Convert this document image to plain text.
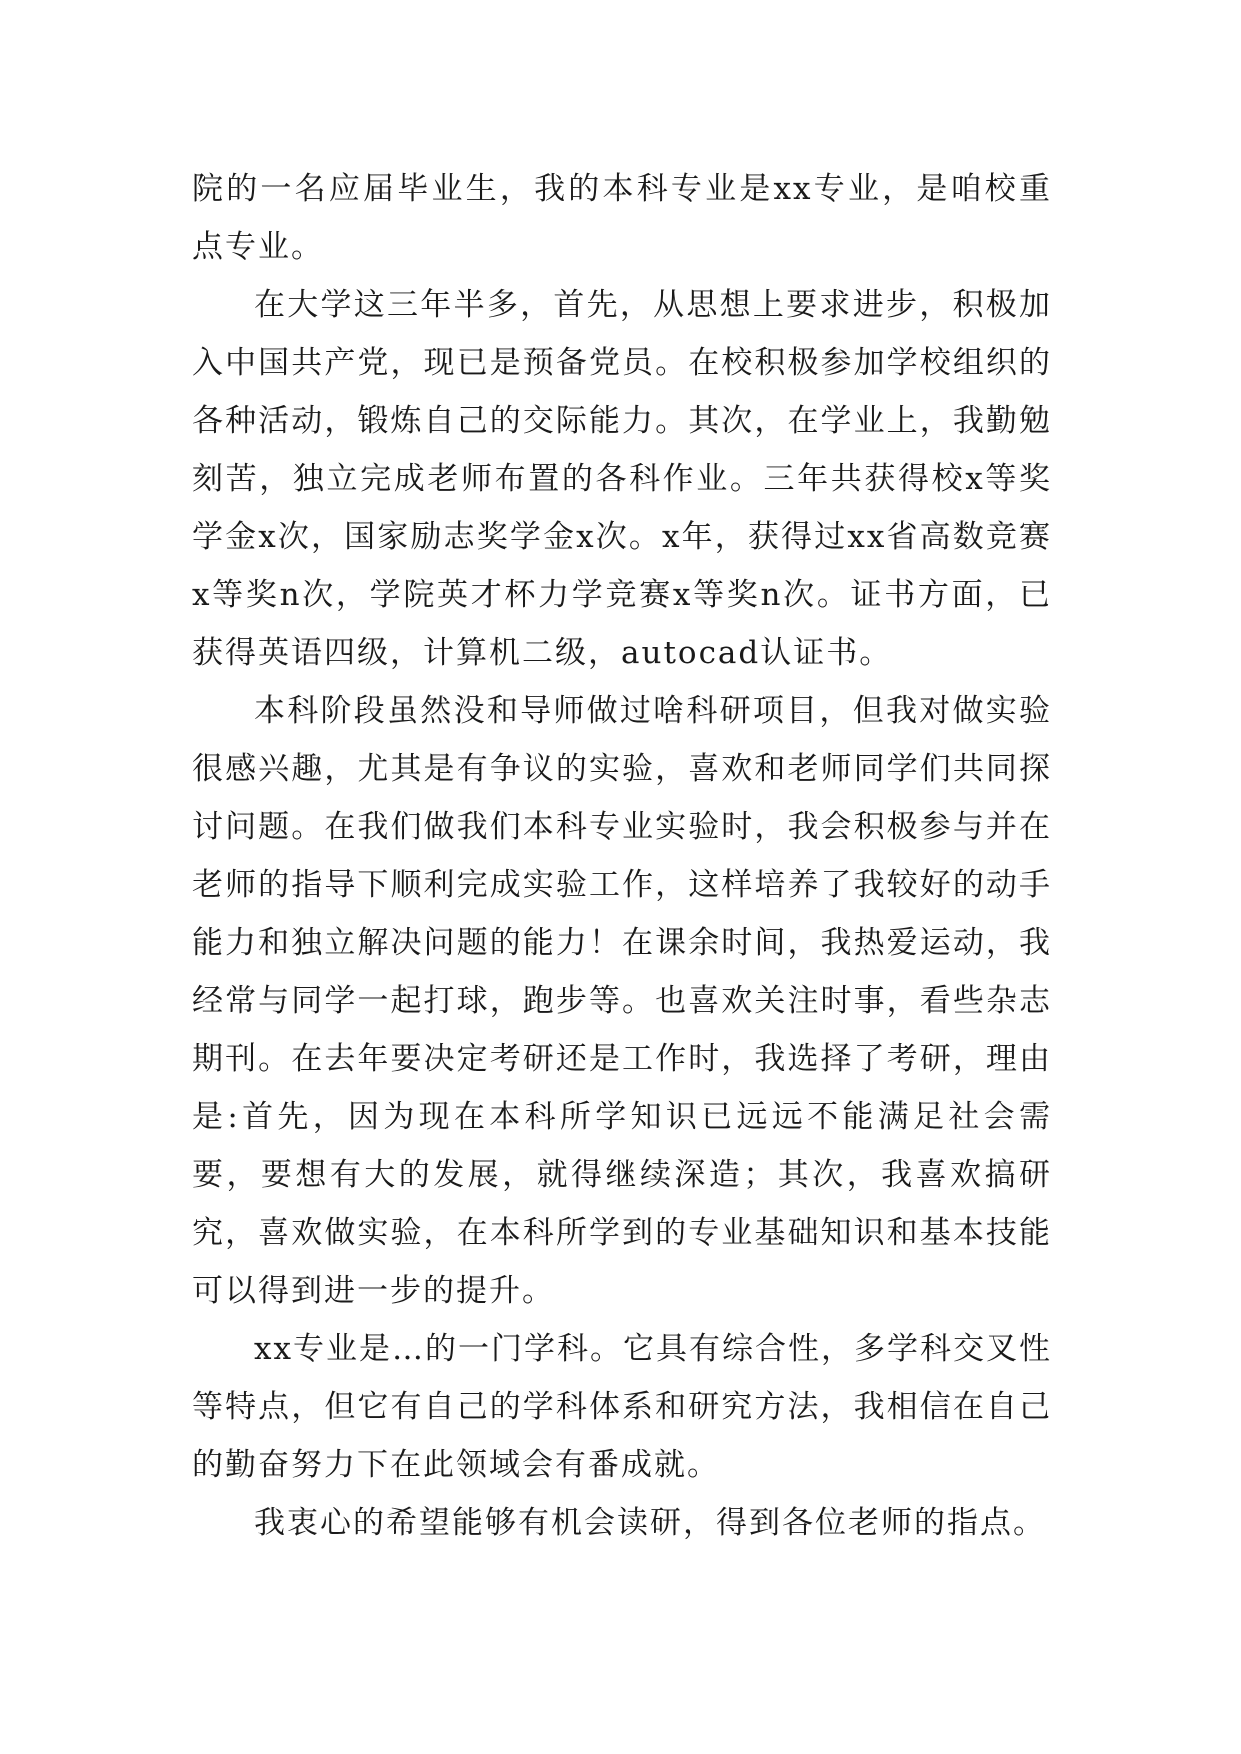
院的一名应届毕业生，我的本科专业是xx专业，是咱校重点专业。

在大学这三年半多，首先，从思想上要求进步，积极加入中国共产党，现已是预备党员。在校积极参加学校组织的各种活动，锻炼自己的交际能力。其次，在学业上，我勤勉刻苦，独立完成老师布置的各科作业。三年共获得校x等奖学金x次，国家励志奖学金x次。x年，获得过xx省高数竞赛x等奖n次，学院英才杯力学竞赛x等奖n次。证书方面，已获得英语四级，计算机二级，autocad认证书。

本科阶段虽然没和导师做过啥科研项目，但我对做实验很感兴趣，尤其是有争议的实验，喜欢和老师同学们共同探讨问题。在我们做我们本科专业实验时，我会积极参与并在老师的指导下顺利完成实验工作，这样培养了我较好的动手能力和独立解决问题的能力！在课余时间，我热爱运动，我经常与同学一起打球，跑步等。也喜欢关注时事，看些杂志期刊。在去年要决定考研还是工作时，我选择了考研，理由是:首先，因为现在本科所学知识已远远不能满足社会需要，要想有大的发展，就得继续深造；其次，我喜欢搞研究，喜欢做实验，在本科所学到的专业基础知识和基本技能可以得到进一步的提升。

xx专业是…的一门学科。它具有综合性，多学科交叉性等特点，但它有自己的学科体系和研究方法，我相信在自己的勤奋努力下在此领域会有番成就。

我衷心的希望能够有机会读研，得到各位老师的指点。
